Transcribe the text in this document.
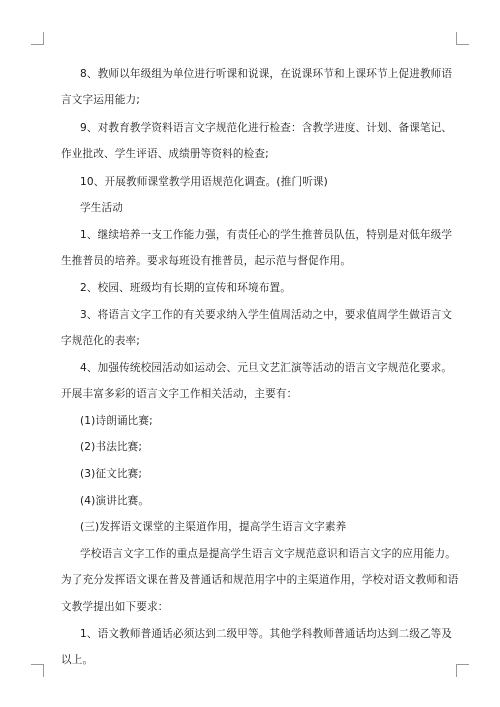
8、教师以年级组为单位进行听课和说课，在说课环节和上课环节上促进教师语
言文字运用能力;
9、对教育教学资料语言文字规范化进行检查：含教学进度、计划、备课笔记、
作业批改、学生评语、成绩册等资料的检查;
10、开展教师课堂教学用语规范化调查。(推门听课)
学生活动
1、继续培养一支工作能力强，有责任心的学生推普员队伍，特别是对低年级学
生推普员的培养。要求每班设有推普员，起示范与督促作用。
2、校园、班级均有长期的宣传和环境布置。
3、将语言文字工作的有关要求纳入学生值周活动之中，要求值周学生做语言文
字规范化的表率;
4、加强传统校园活动如运动会、元旦文艺汇演等活动的语言文字规范化要求。
开展丰富多彩的语言文字工作相关活动，主要有：
(1)诗朗诵比赛;
(2)书法比赛;
(3)征文比赛;
(4)演讲比赛。
(三)发挥语文课堂的主渠道作用，提高学生语言文字素养
学校语言文字工作的重点是提高学生语言文字规范意识和语言文字的应用能力。
为了充分发挥语文课在普及普通话和规范用字中的主渠道作用，学校对语文教师和语
文教学提出如下要求：
1、语文教师普通话必须达到二级甲等。其他学科教师普通话均达到二级乙等及
以上。
